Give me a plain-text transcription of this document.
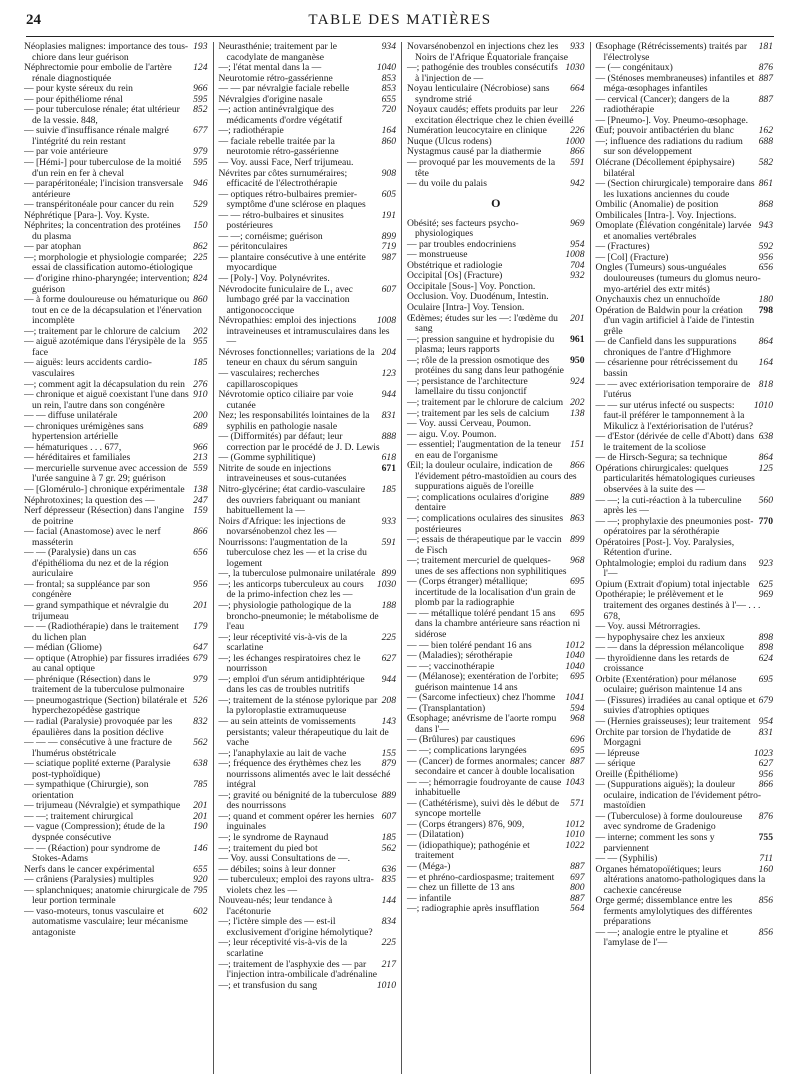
24	TABLE DES MATIÈRES

193
Néoplasies malignes: importance des tous-chiore dans leur guérison

124
Néphrectomie pour embolie de l'artère rénale diagnostiquée

966
— pour kyste séreux du rein

595
— pour épithéliome rénal

852
— pour tuberculose rénale; état ultérieur de la vessie. 848,

677
— suivie d'insuffisance rénale malgré l'intégrité du rein restant

979
— par voie antérieure

595
— [Hémi-] pour tuberculose de la moitié d'un rein en fer à cheval

946
— parapéritonéale; l'incision transversale antérieure

529
— transpéritonéale pour cancer du rein

Néphrétique [Para-]. Voy. Kyste.

150
Néphrites; la concentration des protéines du plasma

862
— par atophan

225
—; morphologie et physiologie comparée; essai de classification automo-étiologique

824
— d'origine rhino-pharyngée; intervention; guérison

860
— à forme douloureuse ou hématurique ou tout en ce de la décapsulation et l'énervation incomplète

202
—; traitement par le chlorure de calcium

955
— aiguë azotémique dans l'érysipèle de la face

185
— aiguës: leurs accidents cardio-vasculaires

276
—; comment agit la décapsulation du rein

910
— chronique et aiguë coexistant l'une dans un rein, l'autre dans son congénère

200
— — diffuse unilatérale

689
— chroniques urémigènes sans hypertension artérielle

966
— hématuriques . . . 677,

213
— héréditaires et familiales

559
— mercurielle survenue avec accession de l'urée sanguine à 7 gr. 29; guérison

138
— [Glomérulo-] chronique expérimentale

247
Néphrotoxines; la question des —

159
Nerf dépresseur (Résection) dans l'angine de poitrine

866
— facial (Anastomose) avec le nerf masséterin

656
— — (Paralysie) dans un cas d'épithélioma du nez et de la région auriculaire

956
— frontal; sa suppléance par son congénère

201
— grand sympathique et névralgie du trijumeau

179
— — (Radiothérapie) dans le traitement du lichen plan

647
— médian (Gliome)

679
— optique (Atrophie) par fissures irradiées au canal optique

979
— phrénique (Résection) dans le traitement de la tuberculose pulmonaire

526
— pneumogastrique (Section) bilatérale et hyperchezopédèse gastrique

832
— radial (Paralysie) provoquée par les épaulières dans la position déclive

562
— — — consécutive à une fracture de l'humérus obstétricale

638
— sciatique poplité externe (Paralysie post-typhoïdique)

785
— sympathique (Chirurgie), son orientation

201
— trijumeau (Névralgie) et sympathique

201
— —; traitement chirurgical

190
— vague (Compression); étude de la dyspnée consécutive

146
— — (Réaction) pour syndrome de Stokes-Adams

655
Nerfs dans le cancer expérimental

920
— crâniens (Paralysies) multiples

795
— splanchniques; anatomie chirurgicale de leur portion terminale

602
— vaso-moteurs, tonus vasculaire et automatisme vasculaire; leur mécanisme antagoniste

934
Neurasthénie; traitement par le cacodylate de manganèse

1040
—; l'état mental dans la —

853
Neurotomie rétro-gassérienne

853
— — par névralgie faciale rebelle

655
Névralgies d'origine nasale

720
—; action antinévralgique des médicaments d'ordre végétatif

164
—; radiothérapie

860
— faciale rebelle traitée par la neurotomie rétro-gassérienne

— Voy. aussi Face, Nerf trijumeau.

908
Névrites par côtes surnuméraires; efficacité de l'électrothérapie

605
— optiques rétro-bulbaires premier-symptôme d'une sclérose en plaques

191
— — rétro-bulbaires et sinusites postérieures

899
— —; cornéisme; guérison

719
— péritonculaires

987
— plantaire consécutive à une entérite myocardique

— [Poly-] Voy. Polynévrites.

607
Névrodocite funiculaire de L₁ avec lumbago gréé par la vaccination antigonococcique

1008
Névropathies: emploi des injections intraveineuses et intramusculaires dans les —

204
Névroses fonctionnelles; variations de la teneur en chaux du sérum sanguin

123
— vasculaires; recherches capillaroscopiques

944
Névrotomie optico ciliaire par voie cutanée

831
Nez; les responsabilités lointaines de la syphilis en pathologie nasale

888
— (Difformités) par défaut; leur correction par le procédé de J. D. Lewis

618
— (Gomme syphilitique)

671
Nitrite de soude en injections intraveineuses et sous-cutanées

185
Nitro-glycérine; état cardio-vasculaire des ouvriers fabriquant ou maniant habituellement la —

933
Noirs d'Afrique: les injections de novarsénobenzol chez les —

591
Nourrissons: l'augmentation de la tuberculose chez les — et la crise du logement

899
—, la tuberculose pulmonaire unilatérale

1030
—; les anticorps tuberculeux au cours de la primo-infection chez les —

188
—; physiologie pathologique de la broncho-pneumonie; le métabolisme de l'eau

225
—; leur réceptivité vis-à-vis de la scarlatine

627
—; les échanges respiratoires chez le nourrisson

944
—; emploi d'un sérum antidiphtérique dans les cas de troubles nutritifs

208
—; traitement de la sténose pylorique par la pyloroplastie extramuqueuse

143
— au sein atteints de vomissements persistants; valeur thérapeutique du lait de vache

155
—; l'anaphylaxie au lait de vache

879
—; fréquence des érythèmes chez les nourrissons alimentés avec le lait desséché intégral

889
—; gravité ou bénignité de la tuberculose des nourrissons

607
—; quand et comment opérer les hernies inguinales

185
—; le syndrome de Raynaud

562
—; traitement du pied bot

— Voy. aussi Consultations de —.

636
— débiles; soins à leur donner

835
— tuberculeux; emploi des rayons ultra-violets chez les —

144
Nouveau-nés; leur tendance à l'acétonurie

834
—; l'ictère simple des — est-il exclusivement d'origine hémolytique?

225
—; leur réceptivité vis-à-vis de la scarlatine

217
—; traitement de l'asphyxie des — par l'injection intra-ombilicale d'adrénaline

1010
—; et transfusion du sang

933
Novarsénobenzol en injections chez les Noirs de l'Afrique Équatoriale française

1030
—; pathogénie des troubles consécutifs à l'injection de —

664
Noyau lenticulaire (Nécrobiose) sans syndrome strié

226
Noyaux caudés; effets produits par leur excitation électrique chez le chien éveillé

226
Numération leucocytaire en clinique

1000
Nuque (Ulcus rodens)

866
Nystagmus causé par la diathermie

591
— provoqué par les mouvements de la tête

942
— du voile du palais

O

969
Obésité; ses facteurs psycho-physiologiques

954
— par troubles endocriniens

1008
— monstrueuse

704
Obstétrique et radiologie

932
Occipital [Os] (Fracture)

Occipitale [Sous-] Voy. Ponction.

Occlusion. Voy. Duodénum, Intestin.

Oculaire [Intra-] Voy. Tension.

201
Œdèmes; études sur les —: l'œdème du sang

961
—; pression sanguine et hydropisie du plasma; leurs rapports

950
—; rôle de la pression osmotique des protéines du sang dans leur pathogénie

924
—; persistance de l'architecture lamellaire du tissu conjonctif

202
—; traitement par le chlorure de calcium

138
—; traitement par les sels de calcium

— Voy. aussi Cerveau, Poumon.

— aigu. V.oy. Poumon.

151
— essentiel; l'augmentation de la teneur en eau de l'organisme

866
Œil; la douleur oculaire, indication de l'évidement pétro-mastoïdien au cours des suppurations aiguës de l'oreille

889
—; complications oculaires d'origine dentaire

863
—; complications oculaires des sinusites postérieures

899
—; essais de thérapeutique par le vaccin de Fisch

968
—; traitement mercuriel de quelques-unes de ses affections non syphilitiques

695
— (Corps étranger) métallique; incertitude de la localisation d'un grain de plomb par la radiographie

695
— — métallique toléré pendant 15 ans dans la chambre antérieure sans réaction ni sidérose

1012
— — bien toléré pendant 16 ans

1040
— (Maladies); sérothérapie

1040
— —; vaccinothérapie

695
— (Mélanose); exentération de l'orbite; guérison maintenue 14 ans

1041
— (Sarcome infectieux) chez l'homme

594
— (Transplantation)

968
Œsophage; anévrisme de l'aorte rompu dans l'—

696
— (Brûlures) par caustiques

695
— —; complications laryngées

887
— (Cancer) de formes anormales; cancer secondaire et cancer à double localisation

1043
— —; hémorragie foudroyante de cause inhabituelle

571
— (Cathétérisme), suivi dès le début de syncope mortelle

1012
— (Corps étrangers) 876, 909,

1010
— (Dilatation)

1022
— (idiopathique); pathogénie et traitement

887
— (Méga-)

697
— et phréno-cardiospasme; traitement

800
— chez un fillette de 13 ans

887
— infantile

564
—; radiographie après insufflation

181
Œsophage (Rétrécissements) traités par l'électrolyse

876
— (— congénitaux)

887
— (Sténoses membraneuses) infantiles et méga-œsophages infantiles

887
— cervical (Cancer); dangers de la radiothérapie

— [Pneumo-]. Voy. Pneumo-œsophage.

162
Œuf; pouvoir antibactérien du blanc

688
—; influence des radiations du radium sur son développement

582
Olécrane (Décollement épiphysaire) bilatéral

861
— (Section chirurgicale) temporaire dans les luxations anciennes du coude

868
Ombilic (Anomalie) de position

Ombilicales [Intra-]. Voy. Injections.

943
Omoplate (Élévation congénitale) larvée et anomalies vertébrales

592
— (Fractures)

956
— [Col] (Fracture)

656
Ongles (Tumeurs) sous-unguéales douloureuses (tumeurs du glomus neuro-myo-artériel des extr mités)

180
Onychauxis chez un ennuchoïde

798
Opération de Baldwin pour la création d'un vagin artificiel à l'aide de l'intestin grêle

864
— de Canfield dans les suppurations chroniques de l'antre d'Highmore

164
— césarienne pour rétrécissement du bassin

818
— — avec extériorisation temporaire de l'utérus

1010
— — sur utérus infecté ou suspects: faut-il préférer le tamponnement à la Mikulicz à l'extériorisation de l'utérus?

638
— d'Estor (dérivée de celle d'Abott) dans le traitement de la scoliose

864
— de Hirsch-Segura; sa technique

125
Opérations chirurgicales: quelques particularités hématologiques curieuses observées à la suite des —

560
— —; la cuti-réaction à la tuberculine après les —

770
— —; prophylaxie des pneumonies post-opératoires par la sérothérapie

Opératoires [Post-]. Voy. Paralysies, Rétention d'urine.

923
Ophtalmologie; emploi du radium dans l'—

625
Opium (Extrait d'opium) total injectable

969
Opothérapie; le prélèvement et le traitement des organes destinés à l'— . . . 678,

— Voy. aussi Métrorragies.

898
— hypophysaire chez les anxieux

898
— — dans la dépression mélancolique

624
— thyroïdienne dans les retards de croissance

695
Orbite (Exentération) pour mélanose oculaire; guérison maintenue 14 ans

679
— (Fissures) irradiées au canal optique et suivies d'atrophies optiques

954
— (Hernies graisseuses); leur traitement

831
Orchite par torsion de l'hydatide de Morgagni

1023
— lépreuse

627
— sérique

956
Oreille (Épithéliome)

866
— (Suppurations aiguës); la douleur oculaire, indication de l'évidement pétro-mastoïdien

876
— (Tuberculose) à forme douloureuse avec syndrome de Gradenigo

755
— interne; comment les sons y parviennent

711
— — (Syphilis)

160
Organes hématopoïétiques; leurs altérations anatomo-pathologiques dans la cachexie cancéreuse

856
Orge germé; dissemblance entre les ferments amylolytiques des différentes préparations

856
— —; analogie entre le ptyaline et l'amylase de l'—
